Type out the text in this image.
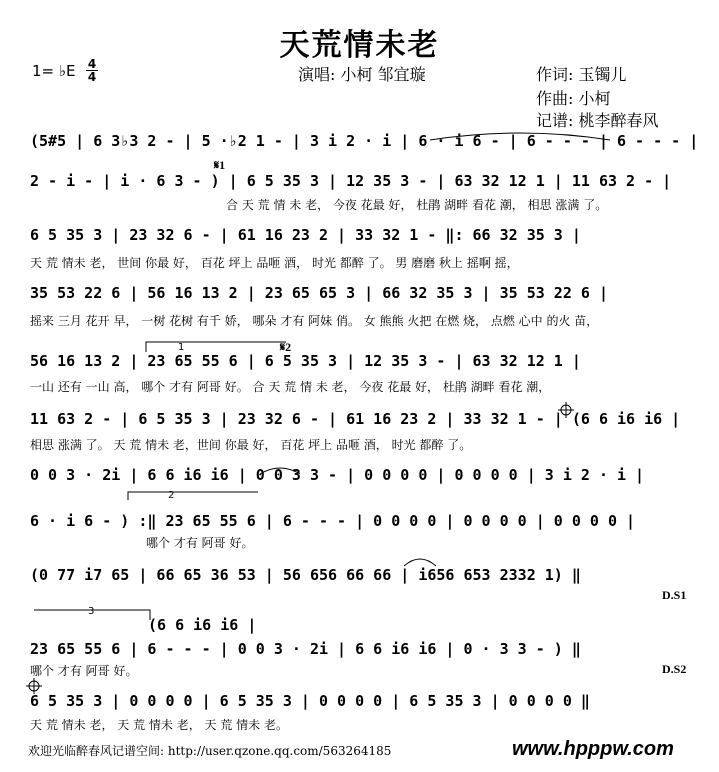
天荒情未老
1= ♭E 4
4	演唱: 小柯 邹宜璇	作词: 玉镯儿
作曲: 小柯
记谱: 桃李醉春风
(5#5 | 6 3♭3 2 - | 5 ·♭2 1 - | 3 i 2 · i | 6 · i 6 - | 6 - - - | 6 - - - |
2 - i - | i · 6 3 - ) | 6 5 35 3 | 12 35 3 - | 63 32 12 1 | 11 63 2 - |
合 天 荒 情 未 老， 今夜 花最 好， 杜鹃 湖畔 看花 潮， 相思 涨满 了。
6 5 35 3 | 23 32 6 - | 61 16 23 2 | 33 32 1 - ‖: 66 32 35 3 |
天 荒 情未 老， 世间 你最 好， 百花 坪上 品咂 酒， 时光 都醉 了。 男 磨磨 秋上 摇啊 摇，
35 53 22 6 | 56 16 13 2 | 23 65 65 3 | 66 32 35 3 | 35 53 22 6 |
摇来 三月 花开 早， 一树 花树 有千 娇， 哪朵 才有 阿妹 俏。 女 熊熊 火把 在燃 烧， 点燃 心中 的火 苗，
56 16 13 2 | 23 65 55 6 | 6 5 35 3 | 12 35 3 - | 63 32 12 1 |
一山 还有 一山 高， 哪个 才有 阿哥 好。 合 天 荒 情 未 老， 今夜 花最 好， 杜鹃 湖畔 看花 潮，
11 63 2 - | 6 5 35 3 | 23 32 6 - | 61 16 23 2 | 33 32 1 - | (6 6 i6 i6 |
相思 涨满 了。 天 荒 情未 老，世间 你最 好， 百花 坪上 品咂 酒， 时光 都醉 了。
0 0 3 · 2i | 6 6 i6 i6 | 0 0 3 3 - | 0 0 0 0 | 0 0 0 0 | 3 i 2 · i |
6 · i 6 - ) :‖ 23 65 55 6 | 6 - - - | 0 0 0 0 | 0 0 0 0 | 0 0 0 0 |
哪个 才有 阿哥 好。
(0 77 i7 65 | 66 65 36 53 | 56 656 66 66 | i656 653 2332 1) ‖
D.S1
(6 6 i6 i6 |
23 65 55 6 | 6 - - - | 0 0 3 · 2i | 6 6 i6 i6 | 0 · 3 3 - ) ‖
哪个 才有 阿哥 好。	D.S2
6 5 35 3 | 0 0 0 0 | 6 5 35 3 | 0 0 0 0 | 6 5 35 3 | 0 0 0 0 ‖
天 荒 情未 老， 天 荒 情未 老， 天 荒 情未 老。
𝄋1
𝄋2
1
2
3
欢迎光临醉春风记谱空间: http://user.qzone.qq.com/563264185	www.hpppw.com
